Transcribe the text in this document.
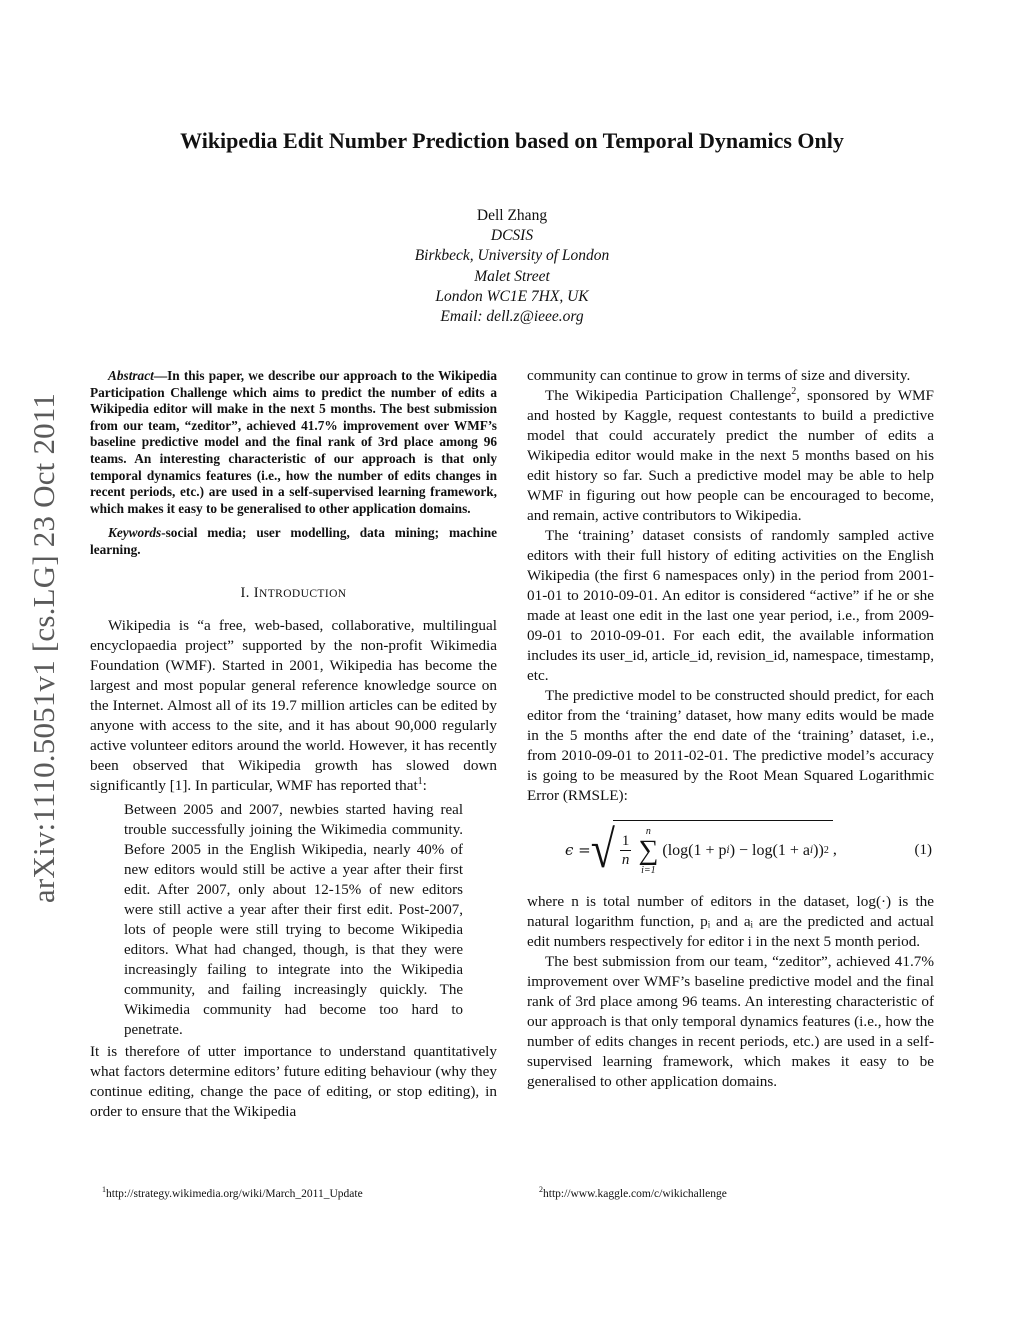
arXiv:1110.5051v1 [cs.LG] 23 Oct 2011
Wikipedia Edit Number Prediction based on Temporal Dynamics Only
Dell Zhang
DCSIS
Birkbeck, University of London
Malet Street
London WC1E 7HX, UK
Email: dell.z@ieee.org
Abstract—In this paper, we describe our approach to the Wikipedia Participation Challenge which aims to predict the number of edits a Wikipedia editor will make in the next 5 months. The best submission from our team, “zeditor”, achieved 41.7% improvement over WMF’s baseline predictive model and the final rank of 3rd place among 96 teams. An interesting characteristic of our approach is that only temporal dynamics features (i.e., how the number of edits changes in recent periods, etc.) are used in a self-supervised learning framework, which makes it easy to be generalised to other application domains.
Keywords-social media; user modelling, data mining; machine learning.
I. INTRODUCTION

Wikipedia is “a free, web-based, collaborative, multilingual encyclopaedia project” supported by the non-profit Wikimedia Foundation (WMF). Started in 2001, Wikipedia has become the largest and most popular general reference knowledge source on the Internet. Almost all of its 19.7 million articles can be edited by anyone with access to the site, and it has about 90,000 regularly active volunteer editors around the world. However, it has recently been observed that Wikipedia growth has slowed down significantly [1]. In particular, WMF has reported that$^1$:

Between 2005 and 2007, newbies started having real trouble successfully joining the Wikimedia community. Before 2005 in the English Wikipedia, nearly 40% of new editors would still be active a year after their first edit. After 2007, only about 12-15% of new editors were still active a year after their first edit. Post-2007, lots of people were still trying to become Wikipedia editors. What had changed, though, is that they were increasingly failing to integrate into the Wikipedia community, and failing increasingly quickly. The Wikimedia community had become too hard to penetrate.

It is therefore of utter importance to understand quantitatively what factors determine editors’ future editing behaviour (why they continue editing, change the pace of editing, or stop editing), in order to ensure that the Wikipedia

community can continue to grow in terms of size and diversity.

The Wikipedia Participation Challenge$^2$, sponsored by WMF and hosted by Kaggle, request contestants to build a predictive model that could accurately predict the number of edits a Wikipedia editor would make in the next 5 months based on his edit history so far. Such a predictive model may be able to help WMF in figuring out how people can be encouraged to become, and remain, active contributors to Wikipedia.

The ‘training’ dataset consists of randomly sampled active editors with their full history of editing activities on the English Wikipedia (the first 6 namespaces only) in the period from 2001-01-01 to 2010-09-01. An editor is considered “active” if he or she made at least one edit in the last one year period, i.e., from 2009-09-01 to 2010-09-01. For each edit, the available information includes its user_id, article_id, revision_id, namespace, timestamp, etc.

The predictive model to be constructed should predict, for each editor from the ‘training’ dataset, how many edits would be made in the 5 months after the end date of the ‘training’ dataset, i.e., from 2010-09-01 to 2011-02-01. The predictive model’s accuracy is going to be measured by the Root Mean Squared Logarithmic Error (RMSLE):

ϵ = √ $\frac{1}{n}$
n
∑
i=1
(log(1 + p i ) − log(1 + a i )) 2 ,	(1)

where n is total number of editors in the dataset, log(·) is the natural logarithm function, pᵢ and aᵢ are the predicted and actual edit numbers respectively for editor i in the next 5 month period.

The best submission from our team, “zeditor”, achieved 41.7% improvement over WMF’s baseline predictive model and the final rank of 3rd place among 96 teams. An interesting characteristic of our approach is that only temporal dynamics features (i.e., how the number of edits changes in recent periods, etc.) are used in a self-supervised learning framework, which makes it easy to be generalised to other application domains.

$^1$http://strategy.wikimedia.org/wiki/March_2011_Update	$^2$http://www.kaggle.com/c/wikichallenge
